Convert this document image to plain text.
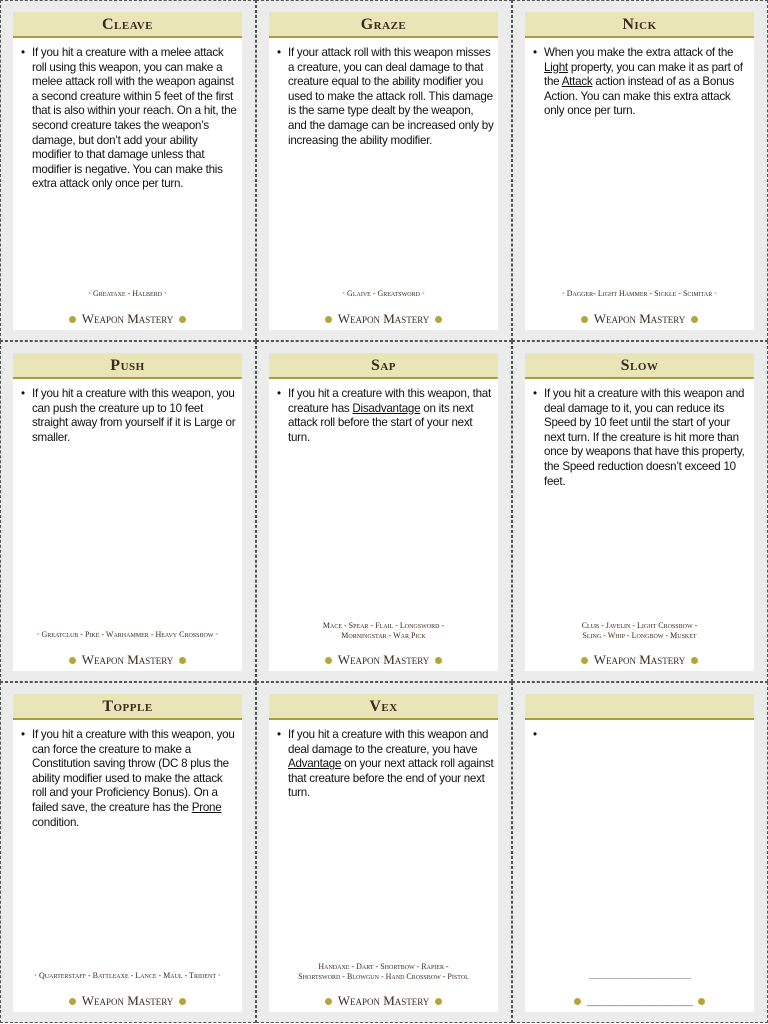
Cleave
• If you hit a creature with a melee attack roll using this weapon, you can make a melee attack roll with the weapon against a second creature within 5 feet of the first that is also within your reach. On a hit, the second creature takes the weapon’s damage, but don’t add your ability modifier to that damage unless that modifier is negative. You can make this extra attack only once per turn.
• Greataxe - Halberd •
Weapon Mastery
Graze
• If your attack roll with this weapon misses a creature, you can deal damage to that creature equal to the ability modifier you used to make the attack roll. This damage is the same type dealt by the weapon, and the damage can be increased only by increasing the ability modifier.
• Glaive - Greatsword •
Weapon Mastery
Nick
• When you make the extra attack of the Light property, you can make it as part of the Attack action instead of as a Bonus Action. You can make this extra attack only once per turn.
• Dagger- Light Hammer - Sickle - Scimitar •
Weapon Mastery
Push
• If you hit a creature with this weapon, you can push the creature up to 10 feet straight away from yourself if it is Large or smaller.
• Greatclub - Pike - Warhammer - Heavy Crossbow •
Weapon Mastery
Sap
• If you hit a creature with this weapon, that creature has Disadvantage on its next attack roll before the start of your next turn.
Mace - Spear - Flail - Longsword -
Morningstar - War Pick
Weapon Mastery
Slow
• If you hit a creature with this weapon and deal damage to it, you can reduce its Speed by 10 feet until the start of your next turn. If the creature is hit more than once by weapons that have this property, the Speed reduction doesn’t exceed 10 feet.
Club - Javelin - Light Crossbow -
Sling - Whip - Longbow - Musket
Weapon Mastery
Topple
• If you hit a creature with this weapon, you can force the creature to make a Constitution saving throw (DC 8 plus the ability modifier used to make the attack roll and your Proficiency Bonus). On a failed save, the creature has the Prone condition.
• Quarterstaff - Battleaxe - Lance - Maul - Trident •
Weapon Mastery
Vex
• If you hit a creature with this weapon and deal damage to the creature, you have Advantage on your next attack roll against that creature before the end of your next turn.
Handaxe - Dart - Shortbow - Rapier -
Shortsword - Blowgun - Hand Crossbow - Pistol
Weapon Mastery
•
_______________________
_________________
